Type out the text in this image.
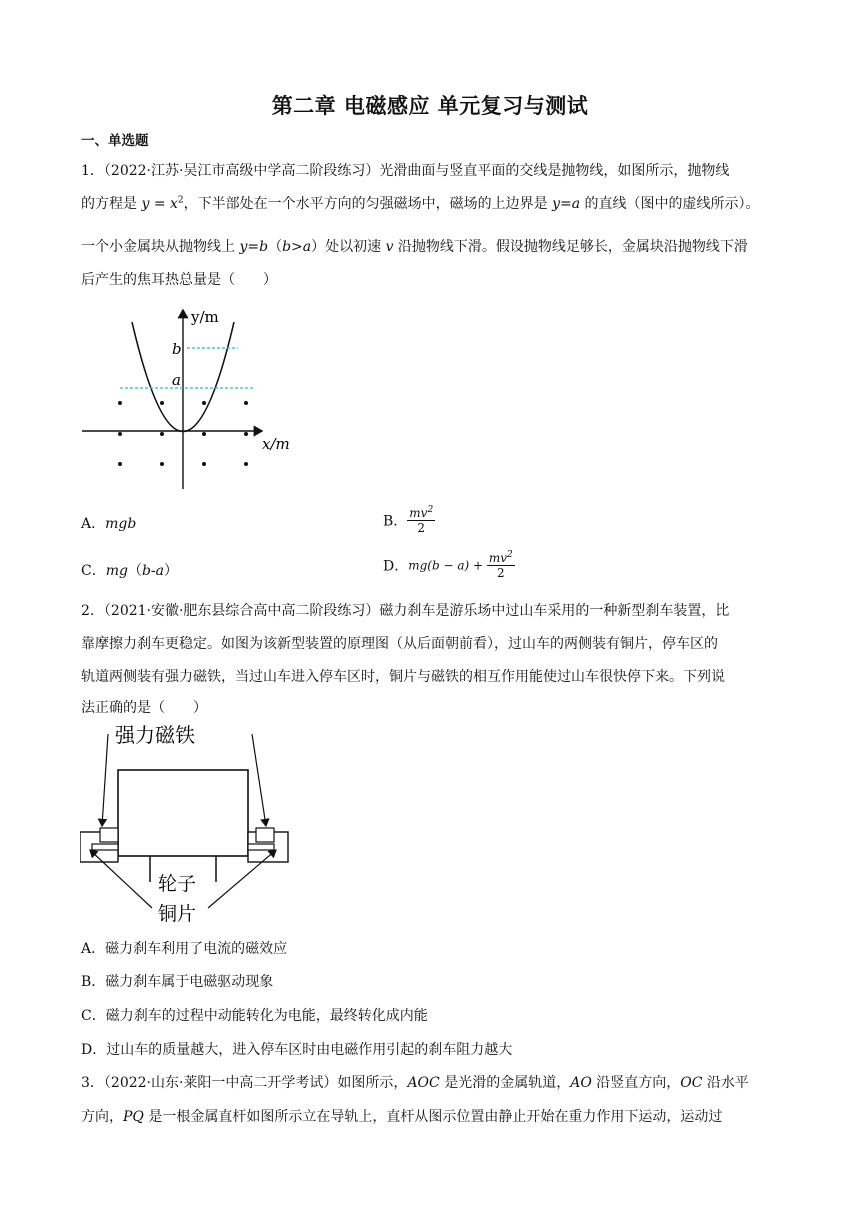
第二章 电磁感应 单元复习与测试
一、单选题
1．（2022·江苏·吴江市高级中学高二阶段练习）光滑曲面与竖直平面的交线是抛物线，如图所示，抛物线
的方程是 $y = x^2$，下半部处在一个水平方向的匀强磁场中，磁场的上边界是 y=a 的直线（图中的虚线所示）。
一个小金属块从抛物线上 y=b（b>a）处以初速 v 沿抛物线下滑。假设抛物线足够长，金属块沿抛物线下滑
后产生的焦耳热总量是（　　）
y/m
x/m
b
a
A．mgb	B． $\frac{mv^2}{2}$
C．mg（b-a）	D．$mg(b - a) + \frac{mv^2}{2}$
2．（2021·安徽·肥东县综合高中高二阶段练习）磁力刹车是游乐场中过山车采用的一种新型刹车装置，比
靠摩擦力刹车更稳定。如图为该新型装置的原理图（从后面朝前看），过山车的两侧装有铜片，停车区的
轨道两侧装有强力磁铁，当过山车进入停车区时，铜片与磁铁的相互作用能使过山车很快停下来。下列说
法正确的是（　　）
强力磁铁
轮子
铜片
A．磁力刹车利用了电流的磁效应
B．磁力刹车属于电磁驱动现象
C．磁力刹车的过程中动能转化为电能，最终转化成内能
D．过山车的质量越大，进入停车区时由电磁作用引起的刹车阻力越大
3．（2022·山东·莱阳一中高二开学考试）如图所示，AOC 是光滑的金属轨道，AO 沿竖直方向，OC 沿水平
方向，PQ 是一根金属直杆如图所示立在导轨上，直杆从图示位置由静止开始在重力作用下运动，运动过
